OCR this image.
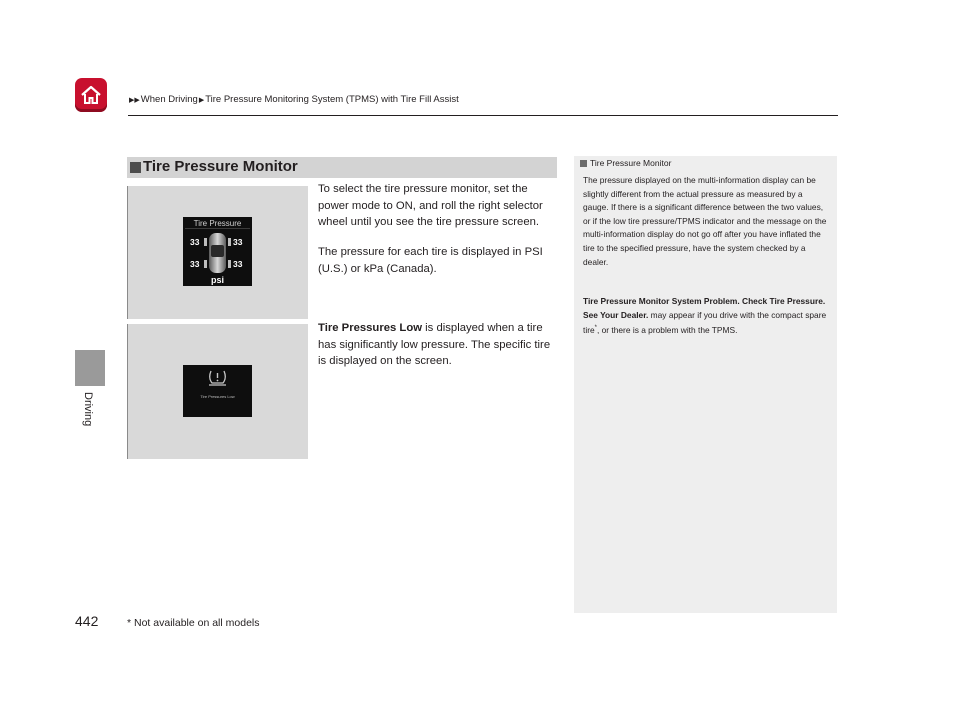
▶▶When Driving▶Tire Pressure Monitoring System (TPMS) with Tire Fill Assist
Driving
442	* Not available on all models
Tire Pressure Monitor
Tire Pressure
33	33
33	33
psi
Tire Pressures Low
To select the tire pressure monitor, set the power mode to ON, and roll the right selector wheel until you see the tire pressure screen.
The pressure for each tire is displayed in PSI (U.S.) or kPa (Canada).
Tire Pressures Low is displayed when a tire has significantly low pressure. The specific tire is displayed on the screen.
Tire Pressure Monitor
The pressure displayed on the multi-information display can be slightly different from the actual pressure as measured by a gauge. If there is a significant difference between the two values, or if the low tire pressure/TPMS indicator and the message on the multi-information display do not go off after you have inflated the tire to the specified pressure, have the system checked by a dealer.
Tire Pressure Monitor System Problem. Check Tire Pressure. See Your Dealer. may appear if you drive with the compact spare tire*, or there is a problem with the TPMS.
